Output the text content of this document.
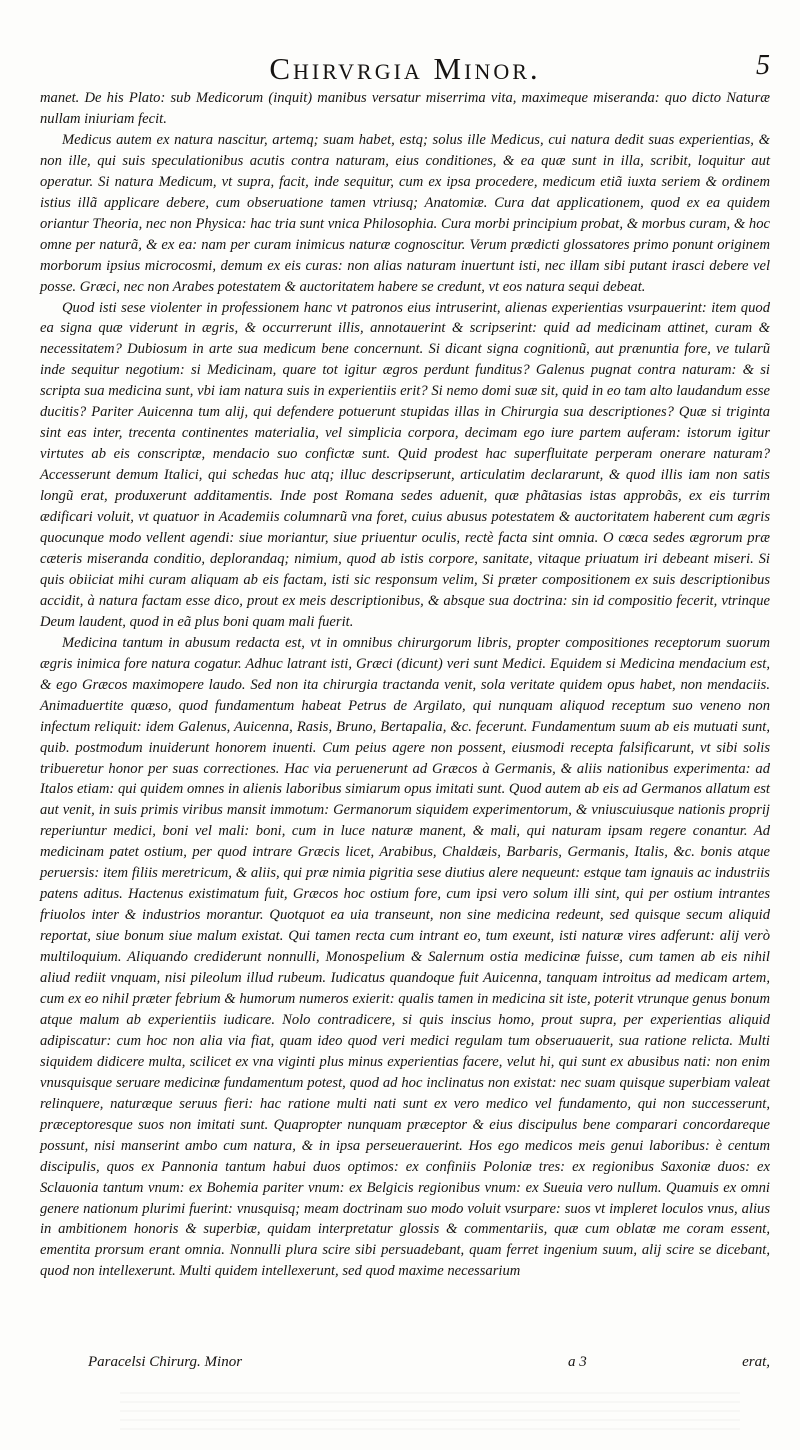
Chirvrgia Minor.	5

manet. De his Plato: sub Medicorum (inquit) manibus versatur miserrima vita, maximeque miseranda: quo dicto Naturæ nullam iniuriam fecit.

Medicus autem ex natura nascitur, artemq; suam habet, estq; solus ille Medicus, cui natura dedit suas experientias, & non ille, qui suis speculationibus acutis contra naturam, eius conditiones, & ea quæ sunt in illa, scribit, loquitur aut operatur. Si natura Medicum, vt supra, facit, inde sequitur, cum ex ipsa procedere, medicum etiã iuxta seriem & ordinem istius illã applicare debere, cum obseruatione tamen vtriusq; Anatomiæ. Cura dat applicationem, quod ex ea quidem oriantur Theoria, nec non Physica: hac tria sunt vnica Philosophia. Cura morbi principium probat, & morbus curam, & hoc omne per naturã, & ex ea: nam per curam inimicus naturæ cognoscitur. Verum prædicti glossatores primo ponunt originem morborum ipsius microcosmi, demum ex eis curas: non alias naturam inuertunt isti, nec illam sibi putant irasci debere vel posse. Græci, nec non Arabes potestatem & auctoritatem habere se credunt, vt eos natura sequi debeat.

Quod isti sese violenter in professionem hanc vt patronos eius intruserint, alienas experientias vsurpauerint: item quod ea signa quæ viderunt in ægris, & occurrerunt illis, annotauerint & scripserint: quid ad medicinam attinet, curam & necessitatem? Dubiosum in arte sua medicum bene concernunt. Si dicant signa cognitionũ, aut prænuntia fore, ve tularũ inde sequitur negotium: si Medicinam, quare tot igitur ægros perdunt funditus? Galenus pugnat contra naturam: & si scripta sua medicina sunt, vbi iam natura suis in experientiis erit? Si nemo domi suæ sit, quid in eo tam alto laudandum esse ducitis? Pariter Auicenna tum alij, qui defendere potuerunt stupidas illas in Chirurgia sua descriptiones? Quæ si triginta sint eas inter, trecenta continentes materialia, vel simplicia corpora, decimam ego iure partem auferam: istorum igitur virtutes ab eis conscriptæ, mendacio suo confictæ sunt. Quid prodest hac superfluitate perperam onerare naturam? Accesserunt demum Italici, qui schedas huc atq; illuc descripserunt, articulatim declararunt, & quod illis iam non satis longũ erat, produxerunt additamentis. Inde post Romana sedes aduenit, quæ phãtasias istas approbãs, ex eis turrim ædificari voluit, vt quatuor in Academiis columnarũ vna foret, cuius abusus potestatem & auctoritatem haberent cum ægris quocunque modo vellent agendi: siue moriantur, siue priuentur oculis, rectè facta sint omnia. O cœca sedes ægrorum præ cæteris miseranda conditio, deplorandaq; nimium, quod ab istis corpore, sanitate, vitaque priuatum iri debeant miseri. Si quis obiiciat mihi curam aliquam ab eis factam, isti sic responsum velim, Si præter compositionem ex suis descriptionibus accidit, à natura factam esse dico, prout ex meis descriptionibus, & absque sua doctrina: sin id compositio fecerit, vtrinque Deum laudent, quod in eã plus boni quam mali fuerit.

Medicina tantum in abusum redacta est, vt in omnibus chirurgorum libris, propter compositiones receptorum suorum ægris inimica fore natura cogatur. Adhuc latrant isti, Græci (dicunt) veri sunt Medici. Equidem si Medicina mendacium est, & ego Græcos maximopere laudo. Sed non ita chirurgia tractanda venit, sola veritate quidem opus habet, non mendaciis. Animaduertite quæso, quod fundamentum habeat Petrus de Argilato, qui nunquam aliquod receptum suo veneno non infectum reliquit: idem Galenus, Auicenna, Rasis, Bruno, Bertapalia, &c. fecerunt. Fundamentum suum ab eis mutuati sunt, quib. postmodum inuiderunt honorem inuenti. Cum peius agere non possent, eiusmodi recepta falsificarunt, vt sibi solis tribueretur honor per suas correctiones. Hac via peruenerunt ad Græcos à Germanis, & aliis nationibus experimenta: ad Italos etiam: qui quidem omnes in alienis laboribus simiarum opus imitati sunt. Quod autem ab eis ad Germanos allatum est aut venit, in suis primis viribus mansit immotum: Germanorum siquidem experimentorum, & vniuscuiusque nationis proprij reperiuntur medici, boni vel mali: boni, cum in luce naturæ manent, & mali, qui naturam ipsam regere conantur. Ad medicinam patet ostium, per quod intrare Græcis licet, Arabibus, Chaldæis, Barbaris, Germanis, Italis, &c. bonis atque peruersis: item filiis meretricum, & aliis, qui præ nimia pigritia sese diutius alere nequeunt: estque tam ignauis ac industriis patens aditus. Hactenus existimatum fuit, Græcos hoc ostium fore, cum ipsi vero solum illi sint, qui per ostium intrantes friuolos inter & industrios morantur. Quotquot ea uia transeunt, non sine medicina redeunt, sed quisque secum aliquid reportat, siue bonum siue malum existat. Qui tamen recta cum intrant eo, tum exeunt, isti naturæ vires adferunt: alij verò multiloquium. Aliquando crediderunt nonnulli, Monospelium & Salernum ostia medicinæ fuisse, cum tamen ab eis nihil aliud rediit vnquam, nisi pileolum illud rubeum. Iudicatus quandoque fuit Auicenna, tanquam introitus ad medicam artem, cum ex eo nihil præter febrium & humorum numeros exierit: qualis tamen in medicina sit iste, poterit vtrunque genus bonum atque malum ab experientiis iudicare. Nolo contradicere, si quis inscius homo, prout supra, per experientias aliquid adipiscatur: cum hoc non alia via fiat, quam ideo quod veri medici regulam tum obseruauerit, sua ratione relicta. Multi siquidem didicere multa, scilicet ex vna viginti plus minus experientias facere, velut hi, qui sunt ex abusibus nati: non enim vnusquisque seruare medicinæ fundamentum potest, quod ad hoc inclinatus non existat: nec suam quisque superbiam valeat relinquere, naturæque seruus fieri: hac ratione multi nati sunt ex vero medico vel fundamento, qui non successerunt, præceptoresque suos non imitati sunt. Quapropter nunquam præceptor & eius discipulus bene comparari concordareque possunt, nisi manserint ambo cum natura, & in ipsa perseuerauerint. Hos ego medicos meis genui laboribus: è centum discipulis, quos ex Pannonia tantum habui duos optimos: ex confiniis Poloniæ tres: ex regionibus Saxoniæ duos: ex Sclauonia tantum vnum: ex Bohemia pariter vnum: ex Belgicis regionibus vnum: ex Sueuia vero nullum. Quamuis ex omni genere nationum plurimi fuerint: vnusquisq; meam doctrinam suo modo voluit vsurpare: suos vt impleret loculos vnus, alius in ambitionem honoris & superbiæ, quidam interpretatur glossis & commentariis, quæ cum oblatæ me coram essent, ementita prorsum erant omnia. Nonnulli plura scire sibi persuadebant, quam ferret ingenium suum, alij scire se dicebant, quod non intellexerunt. Multi quidem intellexerunt, sed quod maxime necessarium

Paracelsi Chirurg. Minor	a 3	erat,
